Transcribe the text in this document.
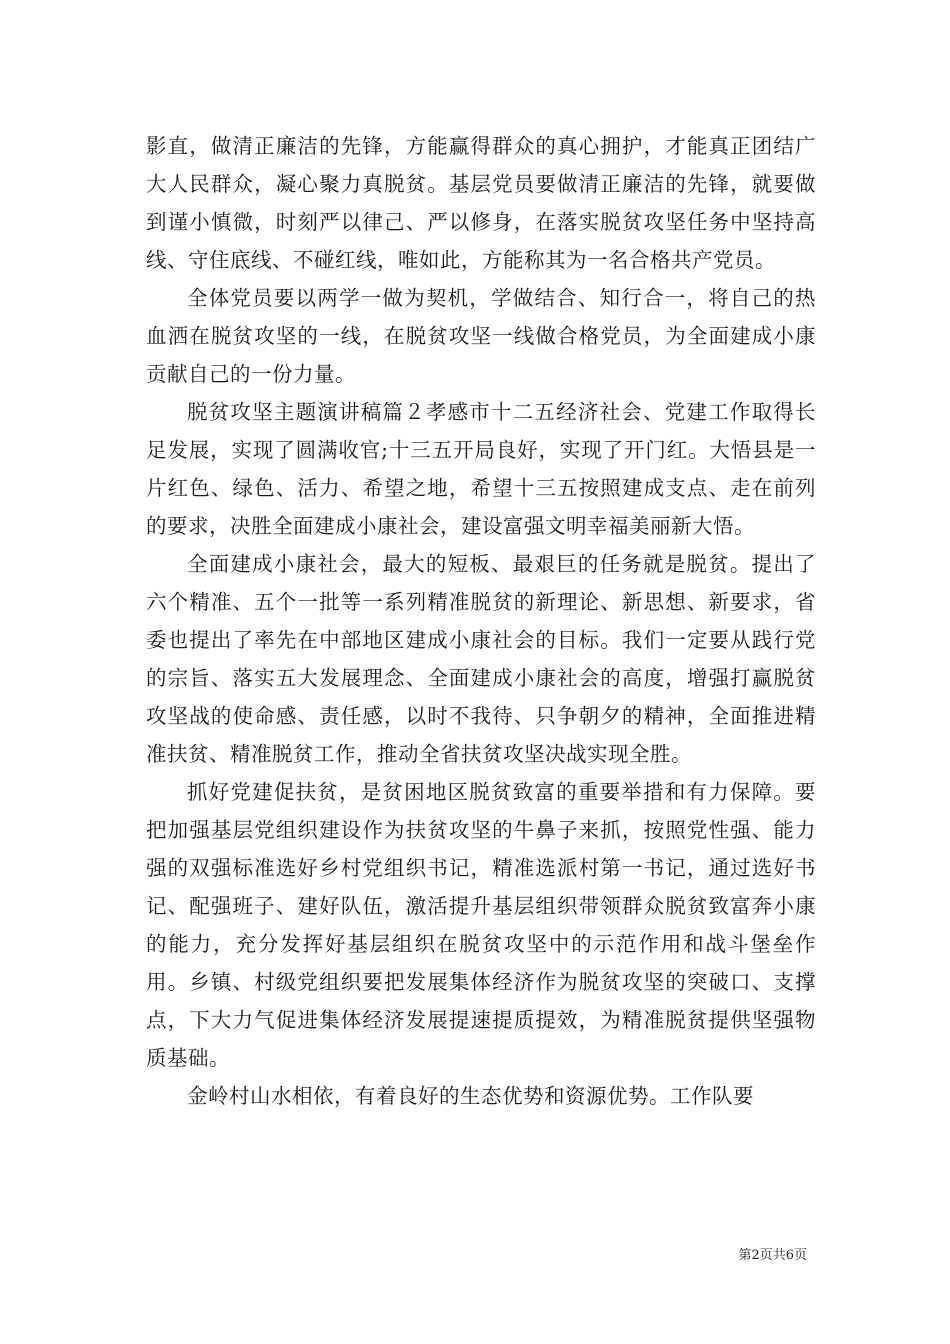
影直，做清正廉洁的先锋，方能赢得群众的真心拥护，才能真正团结广大人民群众，凝心聚力真脱贫。基层党员要做清正廉洁的先锋，就要做到谨小慎微，时刻严以律己、严以修身，在落实脱贫攻坚任务中坚持高线、守住底线、不碰红线，唯如此，方能称其为一名合格共产党员。

全体党员要以两学一做为契机，学做结合、知行合一，将自己的热血洒在脱贫攻坚的一线，在脱贫攻坚一线做合格党员，为全面建成小康贡献自己的一份力量。

脱贫攻坚主题演讲稿篇２孝感市十二五经济社会、党建工作取得长足发展，实现了圆满收官;十三五开局良好，实现了开门红。大悟县是一片红色、绿色、活力、希望之地，希望十三五按照建成支点、走在前列的要求，决胜全面建成小康社会，建设富强文明幸福美丽新大悟。

全面建成小康社会，最大的短板、最艰巨的任务就是脱贫。提出了六个精准、五个一批等一系列精准脱贫的新理论、新思想、新要求，省委也提出了率先在中部地区建成小康社会的目标。我们一定要从践行党的宗旨、落实五大发展理念、全面建成小康社会的高度，增强打赢脱贫攻坚战的使命感、责任感，以时不我待、只争朝夕的精神，全面推进精准扶贫、精准脱贫工作，推动全省扶贫攻坚决战实现全胜。

抓好党建促扶贫，是贫困地区脱贫致富的重要举措和有力保障。要把加强基层党组织建设作为扶贫攻坚的牛鼻子来抓，按照党性强、能力强的双强标准选好乡村党组织书记，精准选派村第一书记，通过选好书记、配强班子、建好队伍，激活提升基层组织带领群众脱贫致富奔小康的能力，充分发挥好基层组织在脱贫攻坚中的示范作用和战斗堡垒作用。乡镇、村级党组织要把发展集体经济作为脱贫攻坚的突破口、支撑点，下大力气促进集体经济发展提速提质提效，为精准脱贫提供坚强物质基础。

金岭村山水相依，有着良好的生态优势和资源优势。工作队要

第2页共6页
